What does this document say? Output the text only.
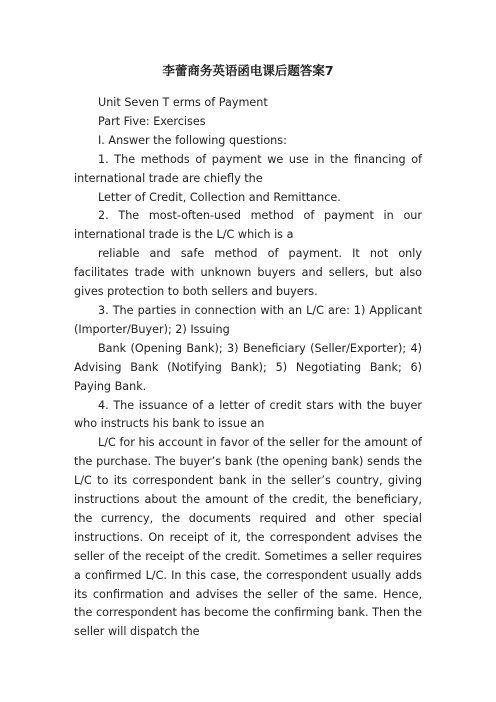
李蕾商务英语函电课后题答案7

Unit Seven T erms of Payment

Part Five: Exercises

I. Answer the following questions:

1. The methods of payment we use in the financing of international trade are chiefly the

Letter of Credit, Collection and Remittance.

2. The most-often-used method of payment in our international trade is the L/C which is a

reliable and safe method of payment. It not only facilitates trade with unknown buyers and sellers, but also gives protection to both sellers and buyers.

3. The parties in connection with an L/C are: 1) Applicant (Importer/Buyer); 2) Issuing

Bank (Opening Bank); 3) Beneficiary (Seller/Exporter); 4) Advising Bank (Notifying Bank); 5) Negotiating Bank; 6) Paying Bank.

4. The issuance of a letter of credit stars with the buyer who instructs his bank to issue an

L/C for his account in favor of the seller for the amount of the purchase. The buyer’s bank (the opening bank) sends the L/C to its correspondent bank in the seller’s country, giving instructions about the amount of the credit, the beneficiary, the currency, the documents required and other special instructions. On receipt of it, the correspondent advises the seller of the receipt of the credit. Sometimes a seller requires a confirmed L/C. In this case, the correspondent usually adds its confirmation and advises the seller of the same. Hence, the correspondent has become the confirming bank. Then the seller will dispatch the
